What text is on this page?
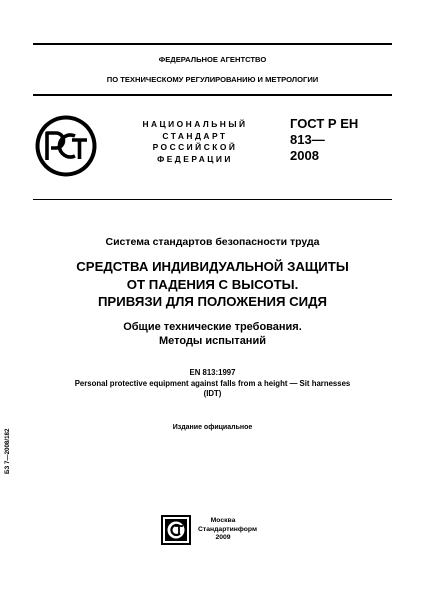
ФЕДЕРАЛЬНОЕ АГЕНТСТВО
ПО ТЕХНИЧЕСКОМУ РЕГУЛИРОВАНИЮ И МЕТРОЛОГИИ
НАЦИОНАЛЬНЫЙ
СТАНДАРТ
РОССИЙСКОЙ
ФЕДЕРАЦИИ
ГОСТ Р ЕН
813—
2008
Система стандартов безопасности труда
СРЕДСТВА ИНДИВИДУАЛЬНОЙ ЗАЩИТЫ
ОТ ПАДЕНИЯ С ВЫСОТЫ.
ПРИВЯЗИ ДЛЯ ПОЛОЖЕНИЯ СИДЯ
Общие технические требования.
Методы испытаний
EN 813:1997
Personal protective equipment against falls from a height — Sit harnesses
(IDT)
Издание официальное
БЗ 7—2008/182
Москва
Стандартинформ
2009
